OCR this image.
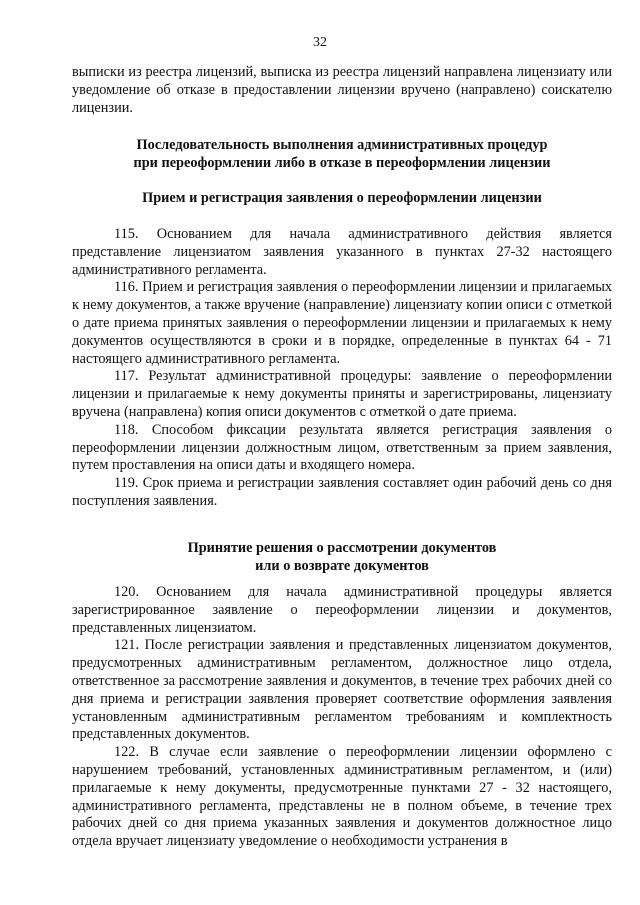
32

выписки из реестра лицензий, выписка из реестра лицензий направлена лицензиату или уведомление об отказе в предоставлении лицензии вручено (направлено) соискателю лицензии.

Последовательность выполнения административных процедур
при переоформлении либо в отказе в переоформлении лицензии
Прием и регистрация заявления о переоформлении лицензии

115. Основанием для начала административного действия является представление лицензиатом заявления указанного в пунктах 27-32 настоящего административного регламента.

116. Прием и регистрация заявления о переоформлении лицензии и прилагаемых к нему документов, а также вручение (направление) лицензиату копии описи с отметкой о дате приема принятых заявления о переоформлении лицензии и прилагаемых к нему документов осуществляются в сроки и в порядке, определенные в пунктах 64 - 71 настоящего административного регламента.

117. Результат административной процедуры: заявление о переоформлении лицензии и прилагаемые к нему документы приняты и зарегистрированы, лицензиату вручена (направлена) копия описи документов с отметкой о дате приема.

118. Способом фиксации результата является регистрация заявления о переоформлении лицензии должностным лицом, ответственным за прием заявления, путем проставления на описи даты и входящего номера.

119. Срок приема и регистрации заявления составляет один рабочий день со дня поступления заявления.

Принятие решения о рассмотрении документов
или о возврате документов

120. Основанием для начала административной процедуры является зарегистрированное заявление о переоформлении лицензии и документов, представленных лицензиатом.

121. После регистрации заявления и представленных лицензиатом документов, предусмотренных административным регламентом, должностное лицо отдела, ответственное за рассмотрение заявления и документов, в течение трех рабочих дней со дня приема и регистрации заявления проверяет соответствие оформления заявления установленным административным регламентом требованиям и комплектность представленных документов.

122. В случае если заявление о переоформлении лицензии оформлено с нарушением требований, установленных административным регламентом, и (или) прилагаемые к нему документы, предусмотренные пунктами 27 - 32 настоящего, административного регламента, представлены не в полном объеме, в течение трех рабочих дней со дня приема указанных заявления и документов должностное лицо отдела вручает лицензиату уведомление о необходимости устранения в
